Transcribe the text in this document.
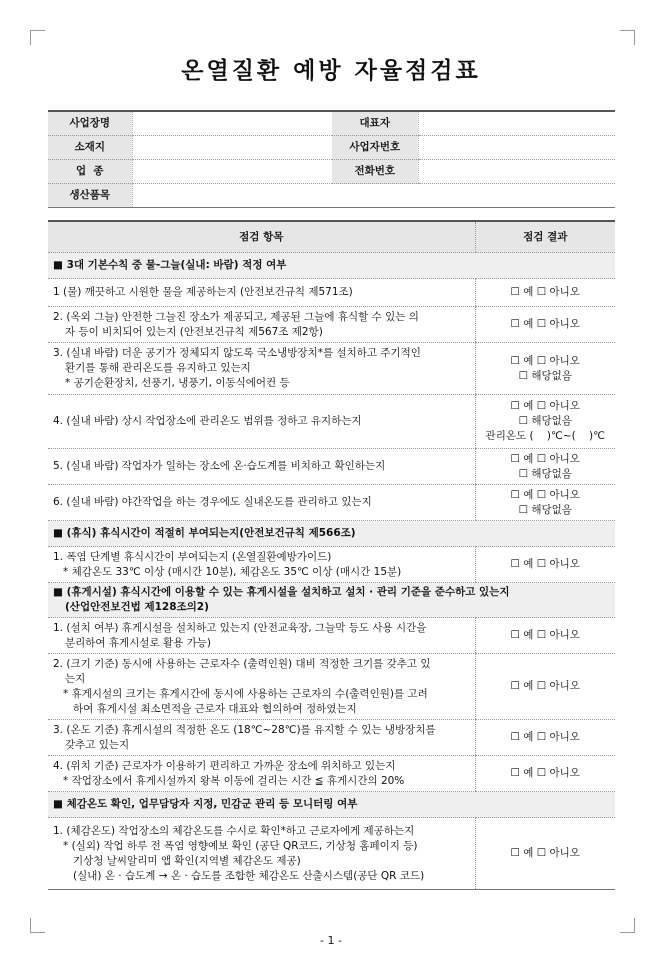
온열질환 예방 자율점검표
사업장명		대표자	
소재지		사업자번호	
업  종		전화번호	
생산품목			
점검 항목	점검 결과
■ 3대 기본수칙 중 물-그늘(실내: 바람) 적정 여부	
1 (물) 깨끗하고 시원한 물을 제공하는지 (안전보건규칙 제571조)	☐ 예 ☐ 아니오

2. (옥외 그늘) 안전한 그늘진 장소가 제공되고, 제공된 그늘에 휴식할 수 있는 의
자 등이 비치되어 있는지 (안전보건규칙 제567조 제2항)	☐ 예 ☐ 아니오

3. (실내 바람) 더운 공기가 정체되지 않도록 국소냉방장치*를 설치하고 주기적인
환기를 통해 관리온도를 유지하고 있는지
* 공기순환장치, 선풍기, 냉풍기, 이동식에어컨 등	☐ 예 ☐ 아니오
☐ 해당없음

4. (실내 바람) 상시 작업장소에 관리온도 범위를 정하고 유지하는지	☐ 예 ☐ 아니오
☐ 해당없음
관리온도 (    )℃~(    )℃

5. (실내 바람) 작업자가 일하는 장소에 온·습도계를 비치하고 확인하는지	☐ 예 ☐ 아니오
☐ 해당없음

6. (실내 바람) 야간작업을 하는 경우에도 실내온도를 관리하고 있는지	☐ 예 ☐ 아니오
☐ 해당없음

■ (휴식) 휴식시간이 적절히 부여되는지(안전보건규칙 제566조)	

1. 폭염 단계별 휴식시간이 부여되는지 (온열질환예방가이드)
* 체감온도 33℃ 이상 (매시간 10분), 체감온도 35℃ 이상 (매시간 15분)	☐ 예 ☐ 아니오

■ (휴게시설) 휴식시간에 이용할 수 있는 휴게시설을 설치하고 설치 · 관리 기준을 준수하고 있는지
(산업안전보건법 제128조의2)	

1. (설치 여부) 휴게시설을 설치하고 있는지 (안전교육장, 그늘막 등도 사용 시간을
분리하여 휴게시설로 활용 가능)	☐ 예 ☐ 아니오

2. (크기 기준) 동시에 사용하는 근로자수 (출력인원) 대비 적정한 크기를 갖추고 있
는지
* 휴게시설의 크기는 휴게시간에 동시에 사용하는 근로자의 수(출력인원)를 고려
하여 휴게시설 최소면적을 근로자 대표와 협의하여 정하였는지	☐ 예 ☐ 아니오

3. (온도 기준) 휴게시설의 적정한 온도 (18℃~28℃)를 유지할 수 있는 냉방장치를
갖추고 있는지	☐ 예 ☐ 아니오

4. (위치 기준) 근로자가 이용하기 편리하고 가까운 장소에 위치하고 있는지
* 작업장소에서 휴게시설까지 왕복 이동에 걸리는 시간 ≦ 휴게시간의 20%	☐ 예 ☐ 아니오

■ 체감온도 확인, 업무담당자 지정, 민감군 관리 등 모니터링 여부	

1. (체감온도) 작업장소의 체감온도를 수시로 확인*하고 근로자에게 제공하는지
* (실외) 작업 하루 전 폭염 영향예보 확인 (공단 QR코드, 기상청 홈페이지 등)
기상청 날씨알리미 앱 확인(지역별 체감온도 제공)
(실내) 온 · 습도계 → 온 · 습도를 조합한 체감온도 산출시스템(공단 QR 코드)	☐ 예 ☐ 아니오
- 1 -
